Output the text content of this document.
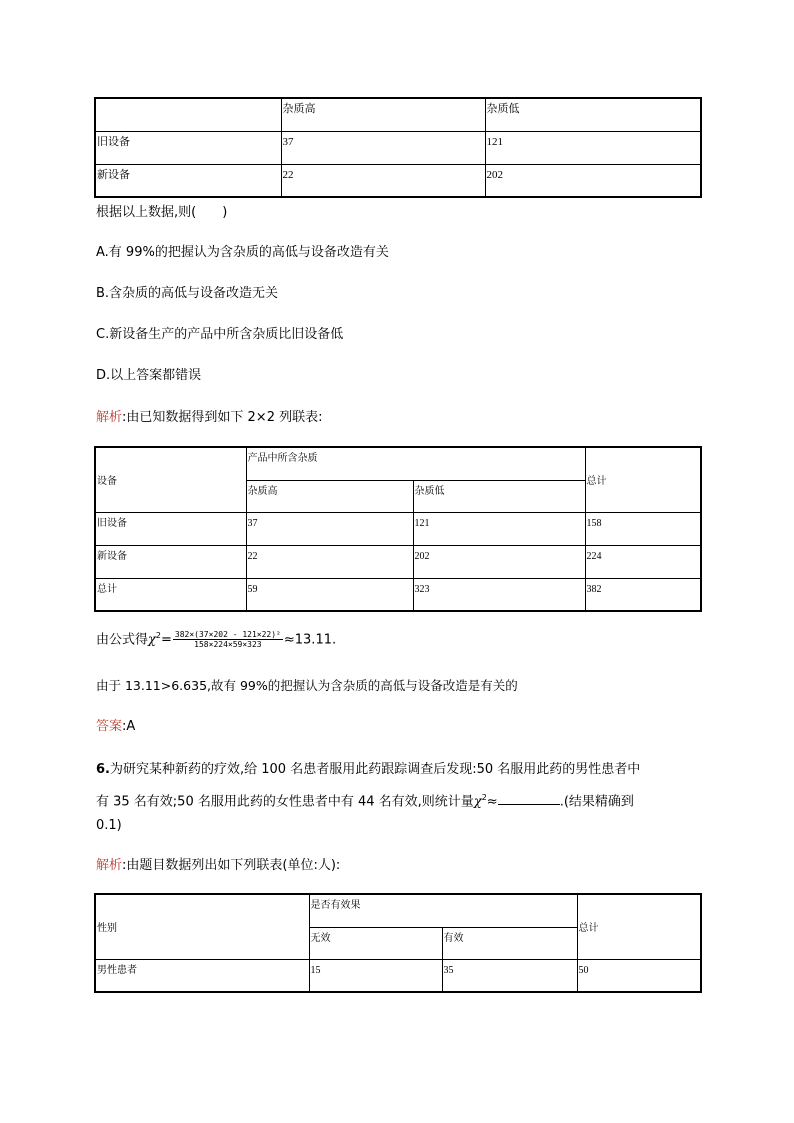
	杂质高	杂质低
旧设备	37	121
新设备	22	202
根据以上数据,则(　　)
A.有 99%的把握认为含杂质的高低与设备改造有关
B.含杂质的高低与设备改造无关
C.新设备生产的产品中所含杂质比旧设备低
D.以上答案都错误
解析:由已知数据得到如下 2×2 列联表:
设备	产品中所含杂质		总计
	杂质高	杂质低	
旧设备	37	121	158
新设备	22	202	224
总计	59	323	382
由公式得$\chi^2= \frac{\text{382×(37×202 - 121×22)²}}{158\times 224\times 59\times 323} \approx 13.11$.
由于 13.11>6.635,故有 99%的把握认为含杂质的高低与设备改造是有关的
答案:A
6.为研究某种新药的疗效,给 100 名患者服用此药跟踪调查后发现:50 名服用此药的男性患者中
有 35 名有效;50 名服用此药的女性患者中有 44 名有效,则统计量$\chi^2\approx$	.(结果精确到
0.1)
解析:由题目数据列出如下列联表(单位:人):
性别	是否有效果		总计
	无效	有效	
男性患者	15	35	50
